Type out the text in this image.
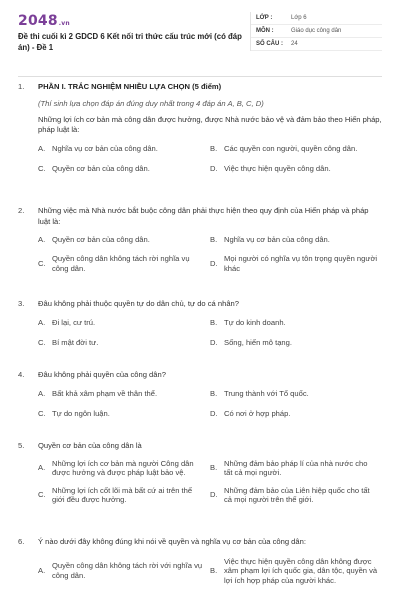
2048.vn
Đề thi cuối kì 2 GDCD 6 Kết nối tri thức cấu trúc mới (có đáp án) - Đề 1
LỚP :	Lớp 6
MÔN :	Giáo dục công dân
SỐ CÂU :	24
1.	PHẦN I. TRẮC NGHIỆM NHIỀU LỰA CHỌN (5 điểm)
(Thí sinh lựa chọn đáp án đúng duy nhất trong 4 đáp án A, B, C, D)
Những lợi ích cơ bản mà công dân được hưởng, được Nhà nước bảo vệ và đảm bảo theo Hiến pháp, pháp luật là:
A. Nghĩa vụ cơ bản của công dân.	B. Các quyền con người, quyền công dân.
C. Quyền cơ bản của công dân.	D. Việc thực hiện quyền công dân.
2.	Những việc mà Nhà nước bắt buộc công dân phải thực hiện theo quy định của Hiến pháp và pháp luật là:
A. Quyền cơ bản của công dân.	B. Nghĩa vụ cơ bản của công dân.
C.
Quyền công dân không tách rời nghĩa vụ công dân.
D.
Mọi người có nghĩa vụ tôn trọng quyền người khác
3.	Đâu không phải thuộc quyền tự do dân chủ, tự do cá nhân?
A. Đi lại, cư trú.	B. Tự do kinh doanh.
C. Bí mật đời tư.	D. Sống, hiến mô tạng.
4.	Đâu không phải quyền của công dân?
A. Bất khả xâm phạm về thân thể.	B. Trung thành với Tổ quốc.
C. Tự do ngôn luận.	D. Có nơi ở hợp pháp.
5.	Quyền cơ bản của công dân là
A.
Những lợi ích cơ bản mà người Công dân được hưởng và được pháp luật bảo vệ.
B.
Những đảm bảo pháp lí của nhà nước cho tất cả mọi người.
C.
Những lợi ích cốt lõi mà bất cứ ai trên thế giới đều được hưởng.
D.
Những đảm bảo của Liên hiệp quốc cho tất cả mọi người trên thế giới.
6.	Ý nào dưới đây không đúng khi nói về quyền và nghĩa vụ cơ bản của công dân:
A.
Quyền công dân không tách rời với nghĩa vụ công dân.
B.
Việc thực hiện quyền công dân không được xâm phạm lợi ích quốc gia, dân tộc, quyền và lợi ích hợp pháp của người khác.
